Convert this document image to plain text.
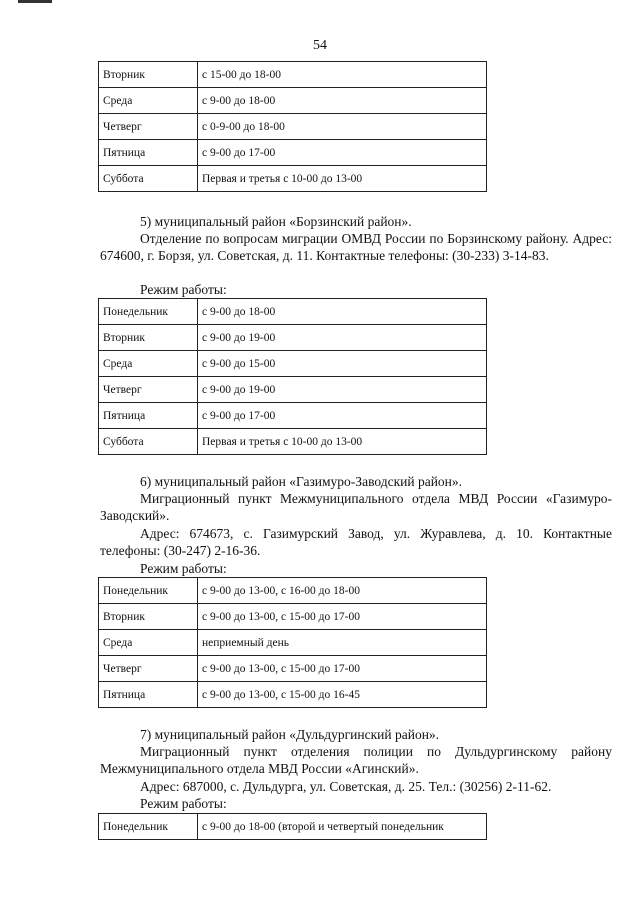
54
Вторник	с 15-00 до 18-00
Среда	с 9-00 до 18-00
Четверг	с 0-9-00 до 18-00
Пятница	с 9-00 до 17-00
Суббота	Первая и третья с 10-00 до 13-00

5) муниципальный район «Борзинский район».

Отделение по вопросам миграции ОМВД России по Борзинскому району. Адрес: 674600, г. Борзя, ул. Советская, д. 11. Контактные телефоны: (30-233) 3-14-83.

Режим работы:

Понедельник	с 9-00 до 18-00
Вторник	с 9-00 до 19-00
Среда	с 9-00 до 15-00
Четверг	с 9-00 до 19-00
Пятница	с 9-00 до 17-00
Суббота	Первая и третья с 10-00 до 13-00

6) муниципальный район «Газимуро-Заводский район».

Миграционный пункт Межмуниципального отдела МВД России «Газимуро-Заводский».

Адрес: 674673, с. Газимурский Завод, ул. Журавлева, д. 10. Контактные телефоны: (30-247) 2-16-36.

Режим работы:

Понедельник	с 9-00 до 13-00, с 16-00 до 18-00
Вторник	с 9-00 до 13-00, с 15-00 до 17-00
Среда	неприемный день
Четверг	с 9-00 до 13-00, с 15-00 до 17-00
Пятница	с 9-00 до 13-00, с 15-00 до 16-45

7) муниципальный район «Дульдургинский район».

Миграционный пункт отделения полиции по Дульдургинскому району Межмуниципального отдела МВД России «Агинский».

Адрес: 687000, с. Дульдурга, ул. Советская, д. 25. Тел.: (30256) 2-11-62.

Режим работы:

Понедельник	с 9-00 до 18-00 (второй и четвертый понедельник
